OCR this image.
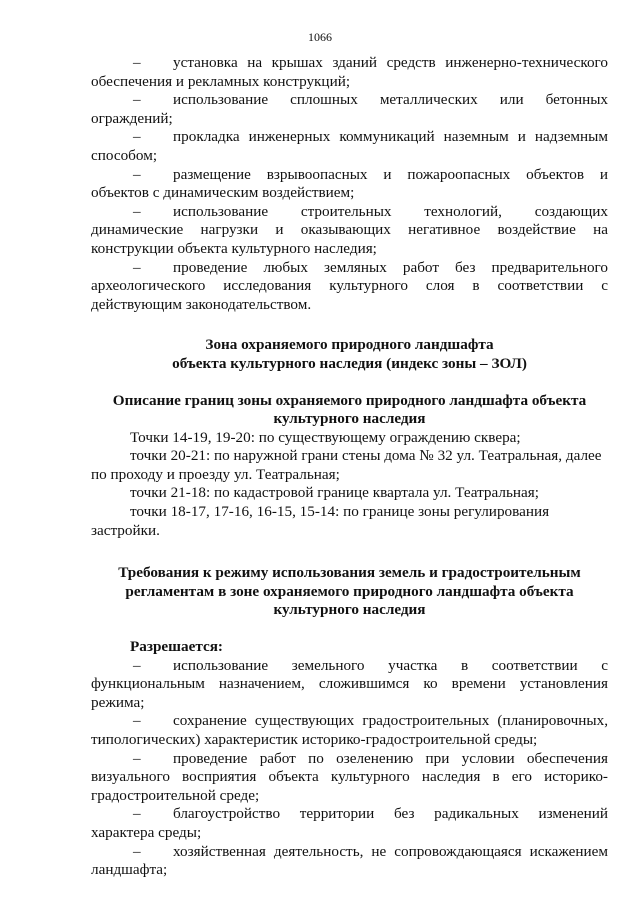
1066

– установка на крышах зданий средств инженерно-технического обеспечения и рекламных конструкций;

– использование сплошных металлических или бетонных ограждений;

– прокладка инженерных коммуникаций наземным и надземным способом;

– размещение взрывоопасных и пожароопасных объектов и объектов с динамическим воздействием;

– использование строительных технологий, создающих динамические нагрузки и оказывающих негативное воздействие на конструкции объекта культурного наследия;

– проведение любых земляных работ без предварительного археологического исследования культурного слоя в соответствии с действующим законодательством.

Зона охраняемого природного ландшафта

объекта культурного наследия (индекс зоны – ЗОЛ)

Описание границ зоны охраняемого природного ландшафта объекта культурного наследия

Точки 14-19, 19-20: по существующему ограждению сквера;

точки 20-21: по наружной грани стены дома № 32 ул. Театральная, далее по проходу и проезду ул. Театральная;

точки 21-18: по кадастровой границе квартала ул. Театральная;

точки 18-17, 17-16, 16-15, 15-14: по границе зоны регулирования застройки.

Требования к режиму использования земель и градостроительным регламентам в зоне охраняемого природного ландшафта объекта культурного наследия

Разрешается:

– использование земельного участка в соответствии с функциональным назначением, сложившимся ко времени установления режима;

– сохранение существующих градостроительных (планировочных, типологических) характеристик историко-градостроительной среды;

– проведение работ по озеленению при условии обеспечения визуального восприятия объекта культурного наследия в его историко-градостроительной среде;

– благоустройство территории без радикальных изменений характера среды;

– хозяйственная деятельность, не сопровождающаяся искажением ландшафта;
